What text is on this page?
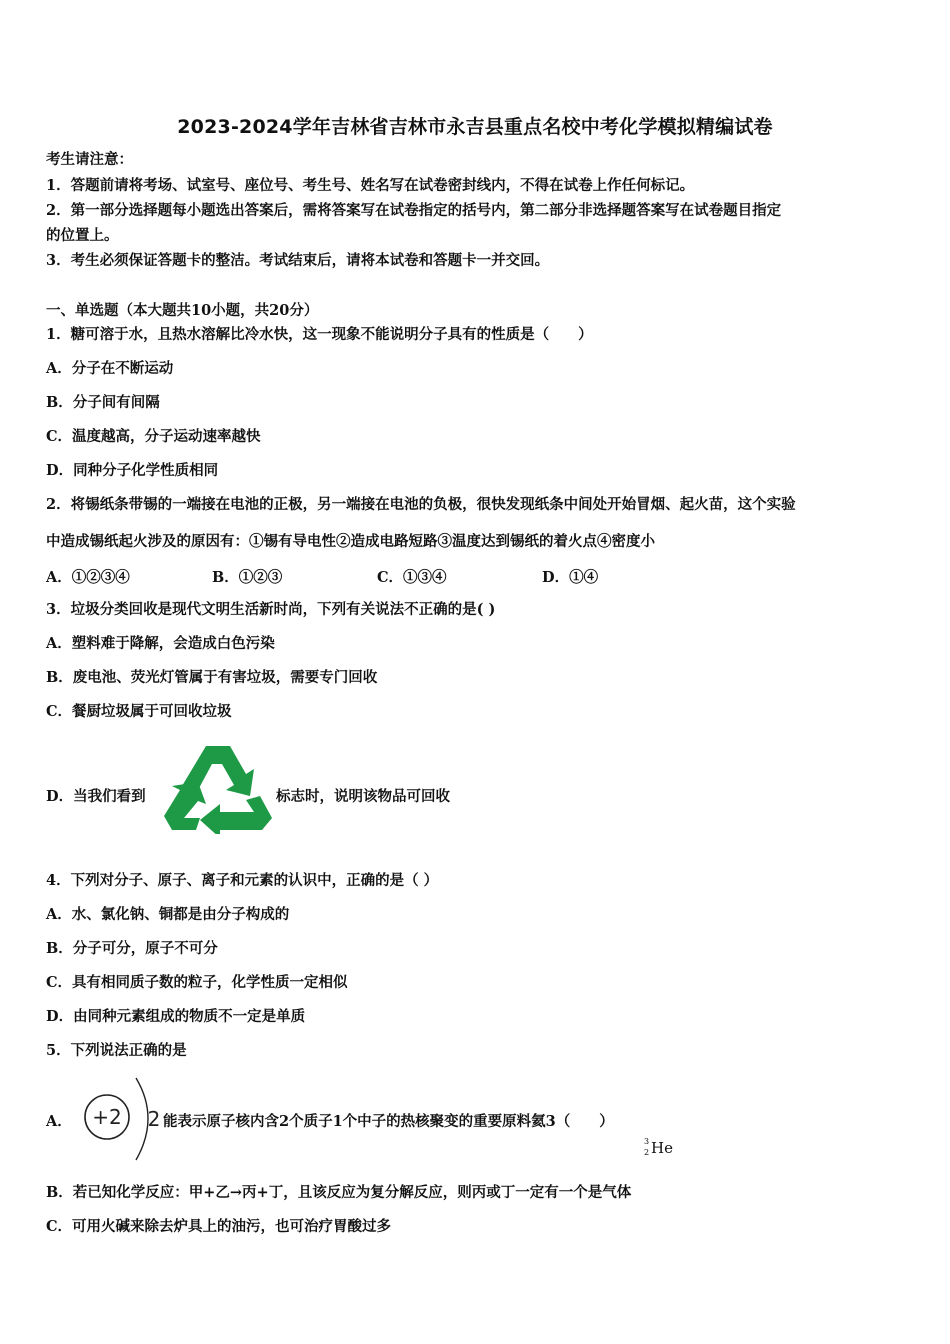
2023-2024学年吉林省吉林市永吉县重点名校中考化学模拟精编试卷
考生请注意：
1．答题前请将考场、试室号、座位号、考生号、姓名写在试卷密封线内，不得在试卷上作任何标记。
2．第一部分选择题每小题选出答案后，需将答案写在试卷指定的括号内，第二部分非选择题答案写在试卷题目指定
的位置上。
3．考生必须保证答题卡的整洁。考试结束后，请将本试卷和答题卡一并交回。
一、单选题（本大题共10小题，共20分）
1．糖可溶于水，且热水溶解比冷水快，这一现象不能说明分子具有的性质是（　　）
A．分子在不断运动
B．分子间有间隔
C．温度越高，分子运动速率越快
D．同种分子化学性质相同
2．将锡纸条带锡的一端接在电池的正极，另一端接在电池的负极，很快发现纸条中间处开始冒烟、起火苗，这个实验
中造成锡纸起火涉及的原因有：①锡有导电性②造成电路短路③温度达到锡纸的着火点④密度小
A．①②③④	B．①②③	C．①③④	D．①④
3．垃圾分类回收是现代文明生活新时尚，下列有关说法不正确的是( )
A．塑料难于降解，会造成白色污染
B．废电池、荧光灯管属于有害垃圾，需要专门回收
C．餐厨垃圾属于可回收垃圾
D．当我们看到	标志时，说明该物品可回收
4．下列对分子、原子、离子和元素的认识中，正确的是（ ）
A．水、氯化钠、铜都是由分子构成的
B．分子可分，原子不可分
C．具有相同质子数的粒子，化学性质一定相似
D．由同种元素组成的物质不一定是单质
5．下列说法正确的是
A． +2 2 能表示原子核内含2个质子1个中子的热核聚变的重要原料氦3（　　）
3
2 He
B．若已知化学反应：甲+乙→丙+丁，且该反应为复分解反应，则丙或丁一定有一个是气体
C．可用火碱来除去炉具上的油污，也可治疗胃酸过多
